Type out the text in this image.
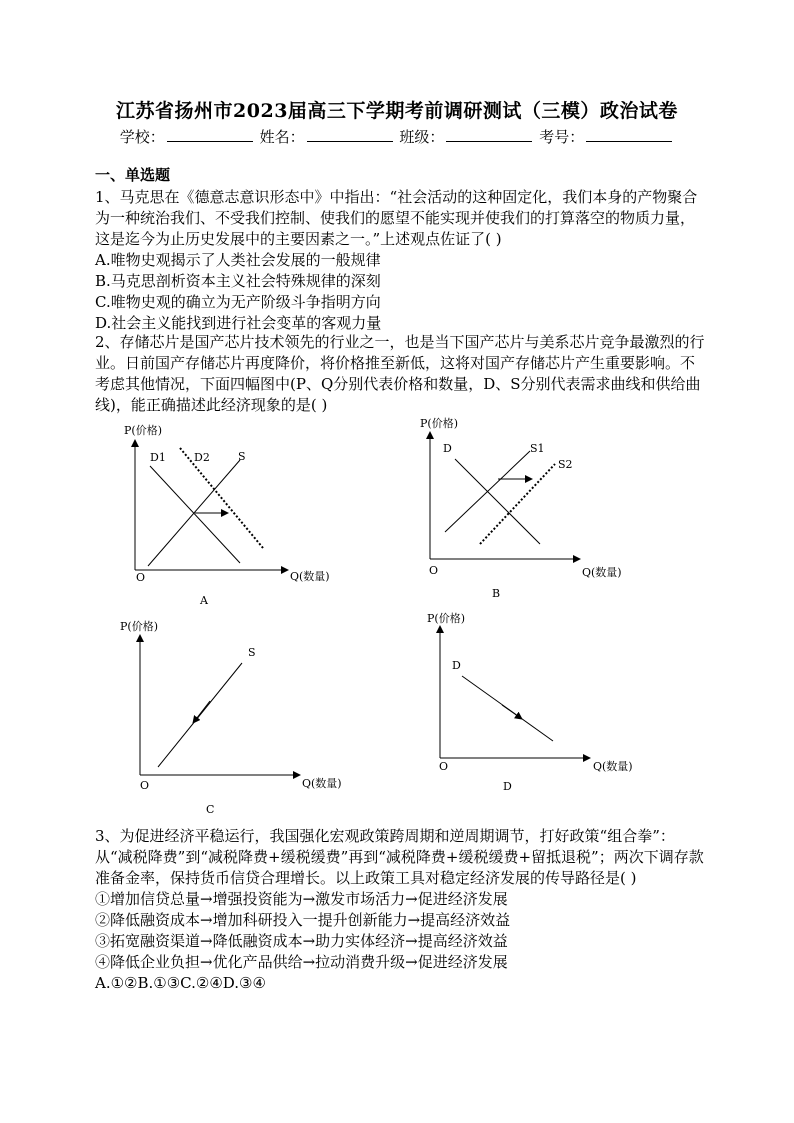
江苏省扬州市2023届高三下学期考前调研测试（三模）政治试卷
学校：	姓名：	班级：	考号：
一、单选题

1、马克思在《德意志意识形态中》中指出：“社会活动的这种固定化，我们本身的产物聚合为一种统治我们、不受我们控制、使我们的愿望不能实现并使我们的打算落空的物质力量，这是迄今为止历史发展中的主要因素之一。”上述观点佐证了( )

A.唯物史观揭示了人类社会发展的一般规律

B.马克思剖析资本主义社会特殊规律的深刻

C.唯物史观的确立为无产阶级斗争指明方向

D.社会主义能找到进行社会变革的客观力量

2、存储芯片是国产芯片技术领先的行业之一，也是当下国产芯片与美系芯片竞争最激烈的行业。日前国产存储芯片再度降价，将价格推至新低，这将对国产存储芯片产生重要影响。不考虑其他情况，下面四幅图中(P、Q分别代表价格和数量，D、S分别代表需求曲线和供给曲线)，能正确描述此经济现象的是( )

P(价格)
Q(数量)
O
D1	D2	S
A
P(价格)
Q(数量)
O
D	S1
S2
B
P(价格)
Q(数量)
O
S
C
P(价格)
Q(数量)
O
D
D

3、为促进经济平稳运行，我国强化宏观政策跨周期和逆周期调节，打好政策“组合拳”：从“减税降费”到“减税降费+缓税缓费”再到“减税降费+缓税缓费+留抵退税”；两次下调存款准备金率，保持货币信贷合理增长。以上政策工具对稳定经济发展的传导路径是( )

①增加信贷总量→增强投资能为→激发市场活力→促进经济发展

②降低融资成本→增加科研投入一提升创新能力→提高经济效益

③拓宽融资渠道→降低融资成本→助力实体经济→提高经济效益

④降低企业负担→优化产品供给→拉动消费升级→促进经济发展

A.①②B.①③C.②④D.③④
